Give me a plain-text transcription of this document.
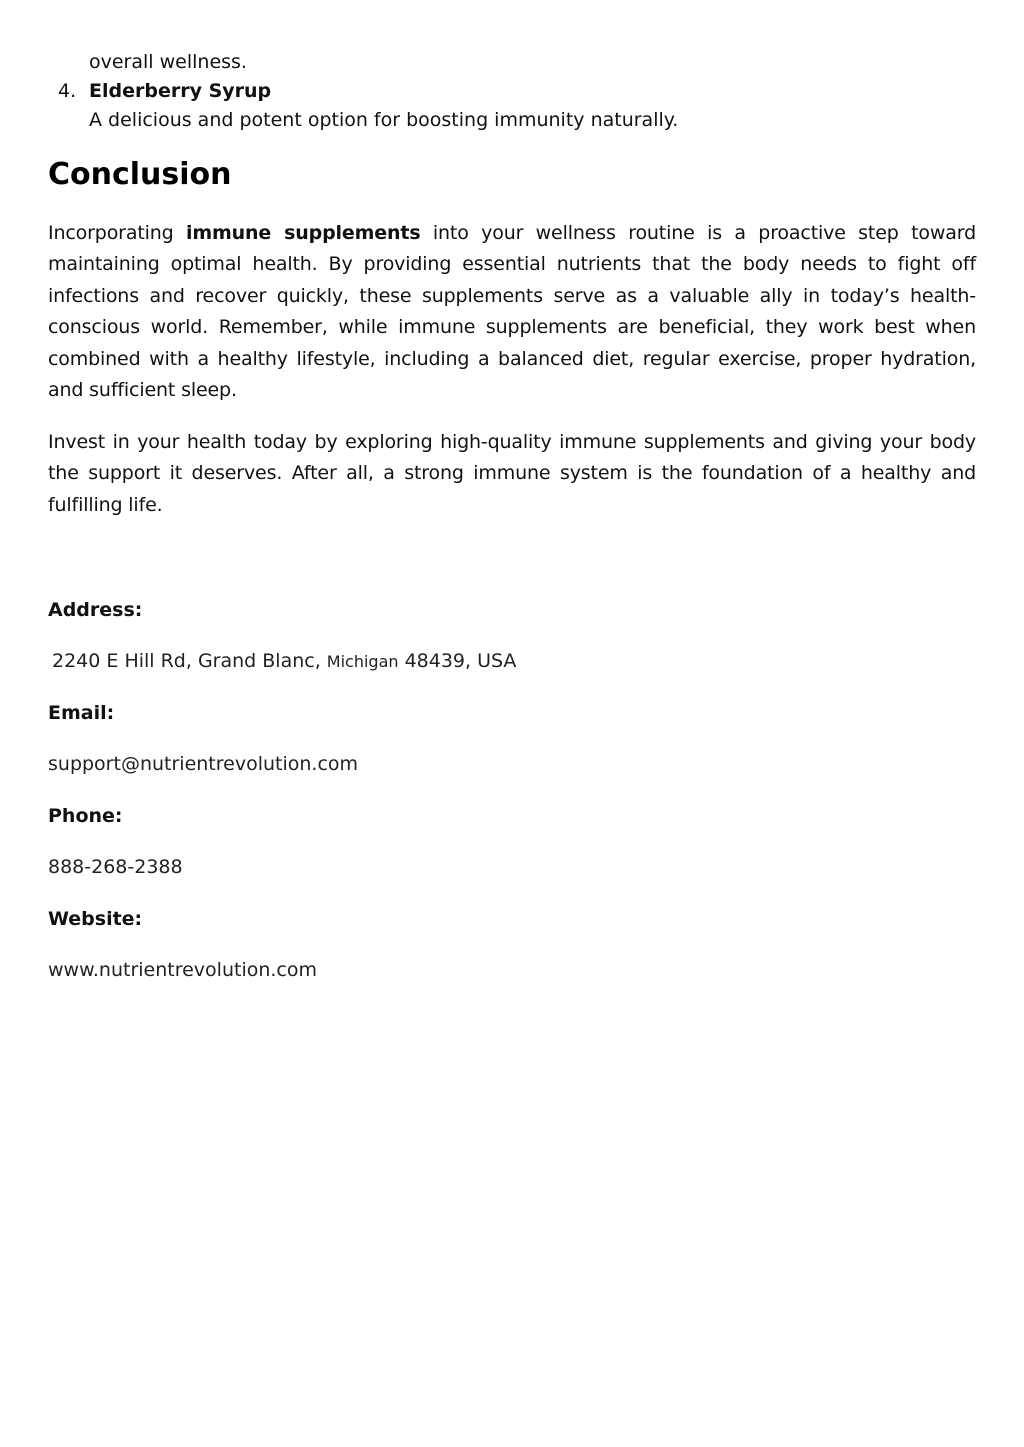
overall wellness.

4. Elderberry Syrup
A delicious and potent option for boosting immunity naturally.
Conclusion

Incorporating immune supplements into your wellness routine is a proactive step toward maintaining optimal health. By providing essential nutrients that the body needs to fight off infections and recover quickly, these supplements serve as a valuable ally in today’s health-conscious world. Remember, while immune supplements are beneficial, they work best when combined with a healthy lifestyle, including a balanced diet, regular exercise, proper hydration, and sufficient sleep.

Invest in your health today by exploring high-quality immune supplements and giving your body the support it deserves. After all, a strong immune system is the foundation of a healthy and fulfilling life.

Address:

2240 E Hill Rd, Grand Blanc, Michigan 48439, USA

Email:

support@nutrientrevolution.com

Phone:

888-268-2388

Website:

www.nutrientrevolution.com
